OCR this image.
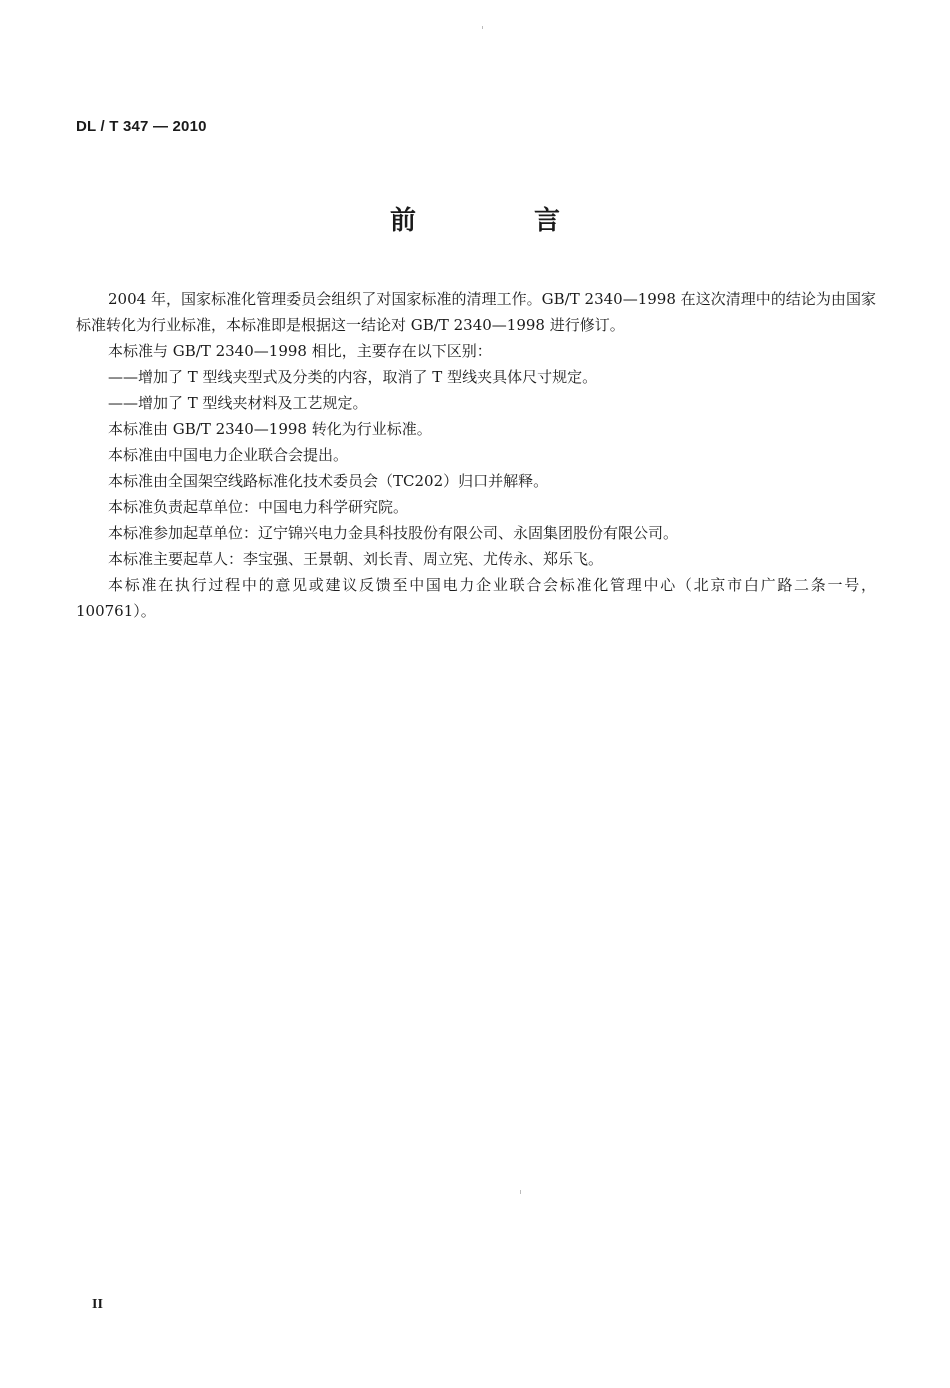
DL / T 347 — 2010
前　言

2004 年，国家标准化管理委员会组织了对国家标准的清理工作。GB/T 2340—1998 在这次清理中的结论为由国家标准转化为行业标准，本标准即是根据这一结论对 GB/T 2340—1998 进行修订。

本标准与 GB/T 2340—1998 相比，主要存在以下区别：

——增加了 T 型线夹型式及分类的内容，取消了 T 型线夹具体尺寸规定。

——增加了 T 型线夹材料及工艺规定。

本标准由 GB/T 2340—1998 转化为行业标准。

本标准由中国电力企业联合会提出。

本标准由全国架空线路标准化技术委员会（TC202）归口并解释。

本标准负责起草单位：中国电力科学研究院。

本标准参加起草单位：辽宁锦兴电力金具科技股份有限公司、永固集团股份有限公司。

本标准主要起草人：李宝强、王景朝、刘长青、周立宪、尤传永、郑乐飞。

本标准在执行过程中的意见或建议反馈至中国电力企业联合会标准化管理中心（北京市白广路二条一号，100761）。

II
